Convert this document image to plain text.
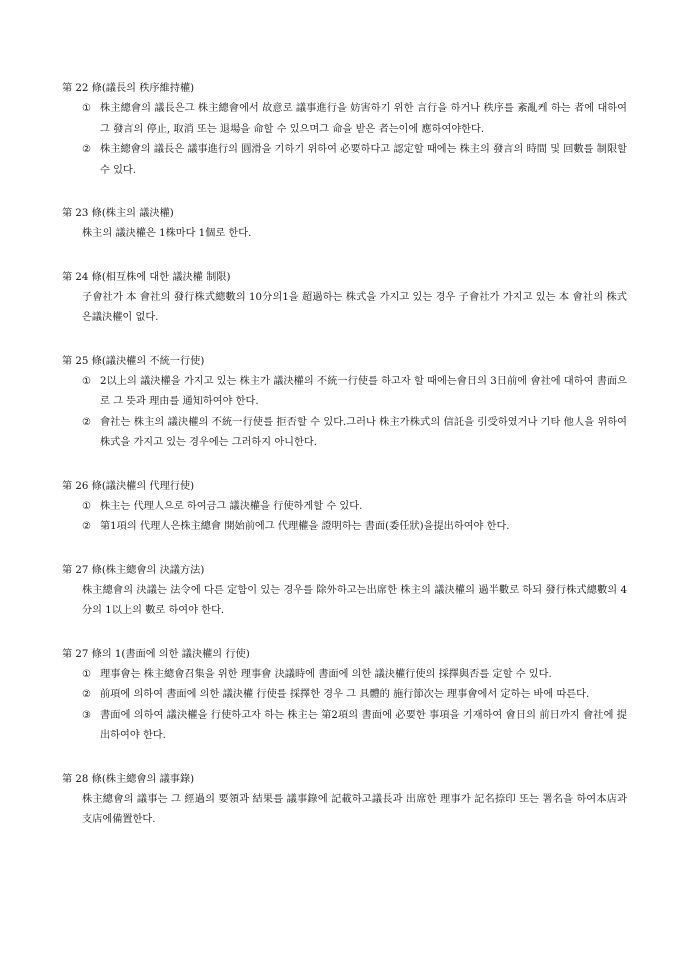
第 22 條(議長의 秩序維持權)
① 株主總會의 議長은그 株主總會에서 故意로 議事進行을 妨害하기 위한 言行을 하거나 秩序를 紊亂케 하는 者에 대하여그 發言의 停止, 取消 또는 退場을 命할 수 있으며그 命을 받은 者는이에 應하여야한다.
② 株主總會의 議長은 議事進行의 圓滑을 기하기 위하여 必要하다고 認定할 때에는 株主의 發言의 時間 및 回數를 制限할 수 있다.
第 23 條(株主의 議決權)
株主의 議決權은 1株마다 1個로 한다.
第 24 條(相互株에 대한 議決權 制限)
子會社가 本 會社의 發行株式總數의 10分의1을 超過하는 株式을 가지고 있는 경우 子會社가 가지고 있는 本 會社의 株式은議決權이 없다.
第 25 條(議決權의 不統一行使)
① 2以上의 議決權을 가지고 있는 株主가 議決權의 不統一行使를 하고자 할 때에는會日의 3日前에 會社에 대하여 書面으로 그 뜻과 理由를 通知하여야 한다.
② 會社는 株主의 議決權의 不統一行使를 拒否할 수 있다.그러나 株主가株式의 信託을 引受하였거나 기타 他人을 위하여 株式을 가지고 있는 경우에는 그러하지 아니한다.
第 26 條(議決權의 代理行使)
① 株主는 代理人으로 하여금그 議決權을 行使하게할 수 있다.
② 第1項의 代理人은株主總會 開始前에그 代理權을 證明하는 書面(委任狀)을提出하여야 한다.
第 27 條(株主總會의 決議方法)
株主總會의 決議는 法令에 다른 定함이 있는 경우를 除外하고는出席한 株主의 議決權의 過半數로 하되 發行株式總數의 4分의 1以上의 數로 하여야 한다.
第 27 條의 1(書面에 의한 議決權의 行使)
① 理事會는 株主總會召集을 위한 理事會 決議時에 書面에 의한 議決權行使의 採擇與否를 定할 수 있다.
② 前項에 의하여 書面에 의한 議決權 行使를 採擇한 경우 그 具體的 施行節次는 理事會에서 定하는 바에 따른다.
③ 書面에 의하여 議決權을 行使하고자 하는 株主는 第2項의 書面에 必要한 事項을 기재하여 會日의 前日까지 會社에 提出하여야 한다.
第 28 條(株主總會의 議事錄)
株主總會의 議事는 그 經過의 要領과 結果를 議事錄에 記載하고議長과 出席한 理事가 記名捺印 또는 署名을 하여本店과 支店에備置한다.
